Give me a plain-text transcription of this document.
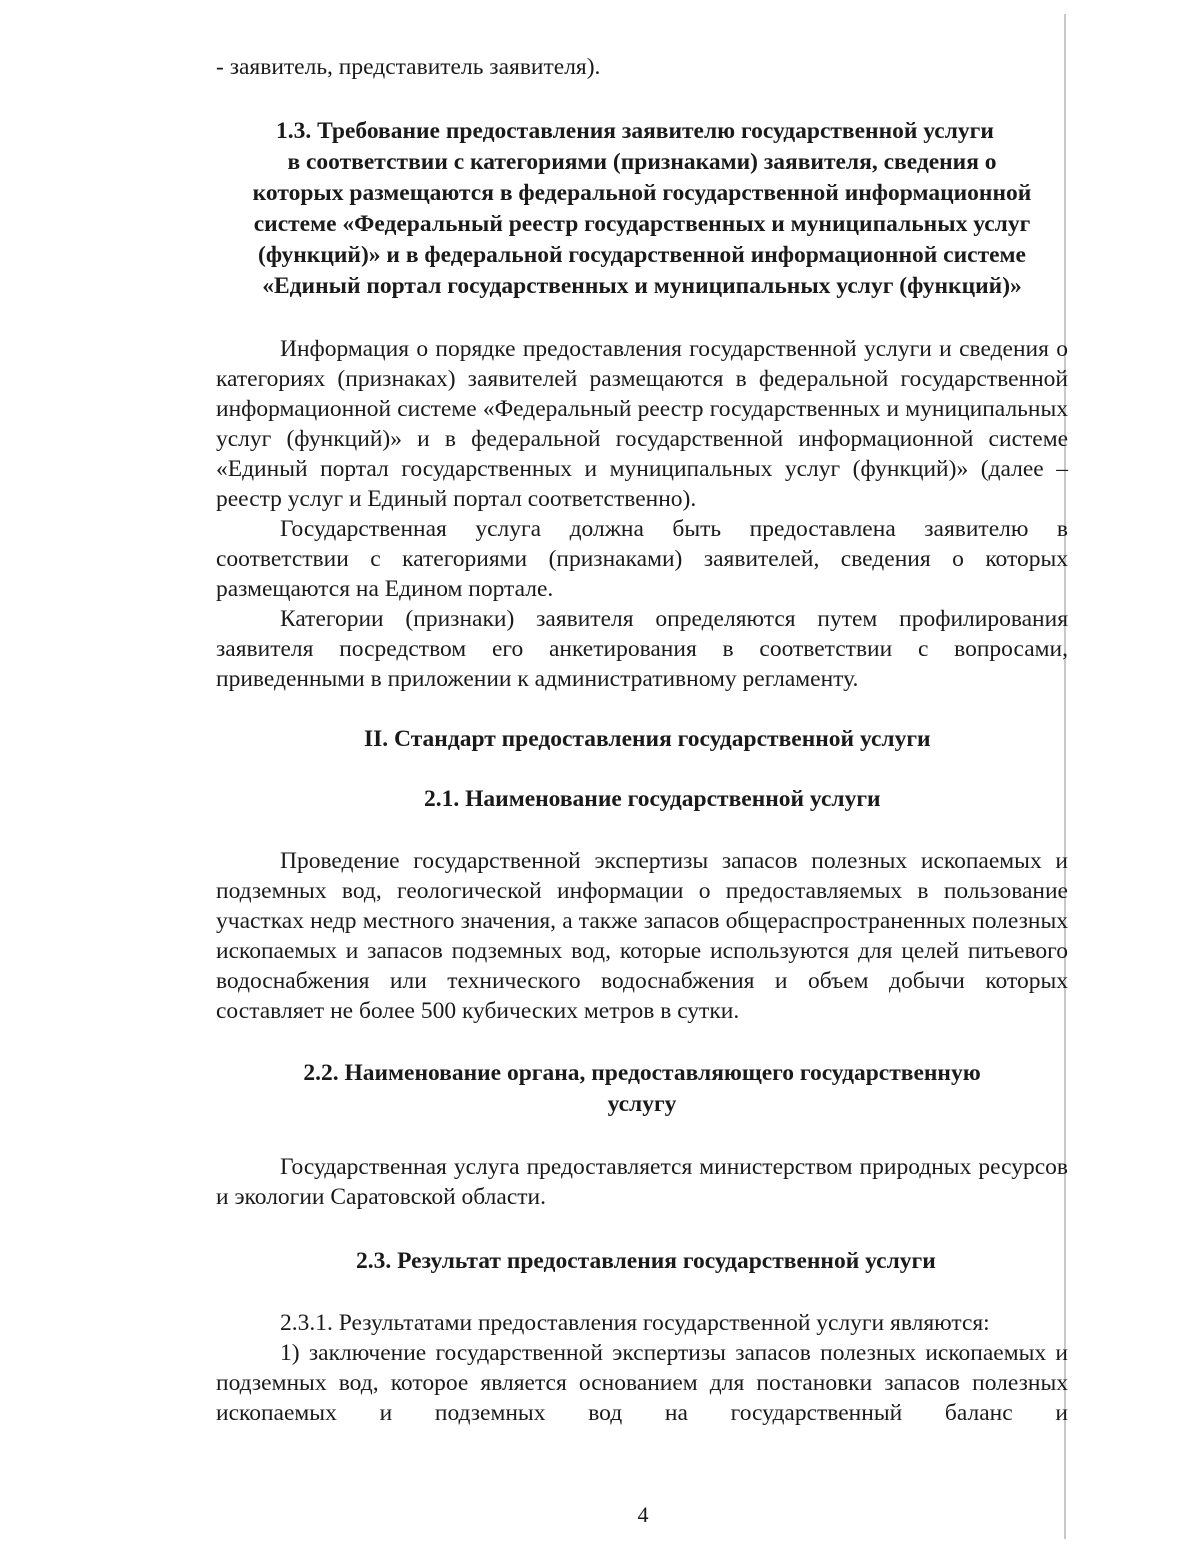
- заявитель, представитель заявителя).

1.3. Требование предоставления заявителю государственной услуги
в соответствии с категориями (признаками) заявителя, сведения о
которых размещаются в федеральной государственной информационной
системе «Федеральный реестр государственных и муниципальных услуг
(функций)» и в федеральной государственной информационной системе
«Единый портал государственных и муниципальных услуг (функций)»

Информация о порядке предоставления государственной услуги и сведения о категориях (признаках) заявителей размещаются в федеральной государственной информационной системе «Федеральный реестр государственных и муниципальных услуг (функций)» и в федеральной государственной информационной системе «Единый портал государственных и муниципальных услуг (функций)» (далее – реестр услуг и Единый портал соответственно).

Государственная услуга должна быть предоставлена заявителю в соответствии с категориями (признаками) заявителей, сведения о которых размещаются на Едином портале.

Категории (признаки) заявителя определяются путем профилирования заявителя посредством его анкетирования в соответствии с вопросами, приведенными в приложении к административному регламенту.

II. Стандарт предоставления государственной услуги

2.1. Наименование государственной услуги

Проведение государственной экспертизы запасов полезных ископаемых и подземных вод, геологической информации о предоставляемых в пользование участках недр местного значения, а также запасов общераспространенных полезных ископаемых и запасов подземных вод, которые используются для целей питьевого водоснабжения или технического водоснабжения и объем добычи которых составляет не более 500 кубических метров в сутки.

2.2. Наименование органа, предоставляющего государственную
услугу

Государственная услуга предоставляется министерством природных ресурсов и экологии Саратовской области.

2.3. Результат предоставления государственной услуги

2.3.1. Результатами предоставления государственной услуги являются:

1) заключение государственной экспертизы запасов полезных ископаемых и подземных вод, которое является основанием для постановки запасов полезных ископаемых и подземных вод на государственный баланс и

4
